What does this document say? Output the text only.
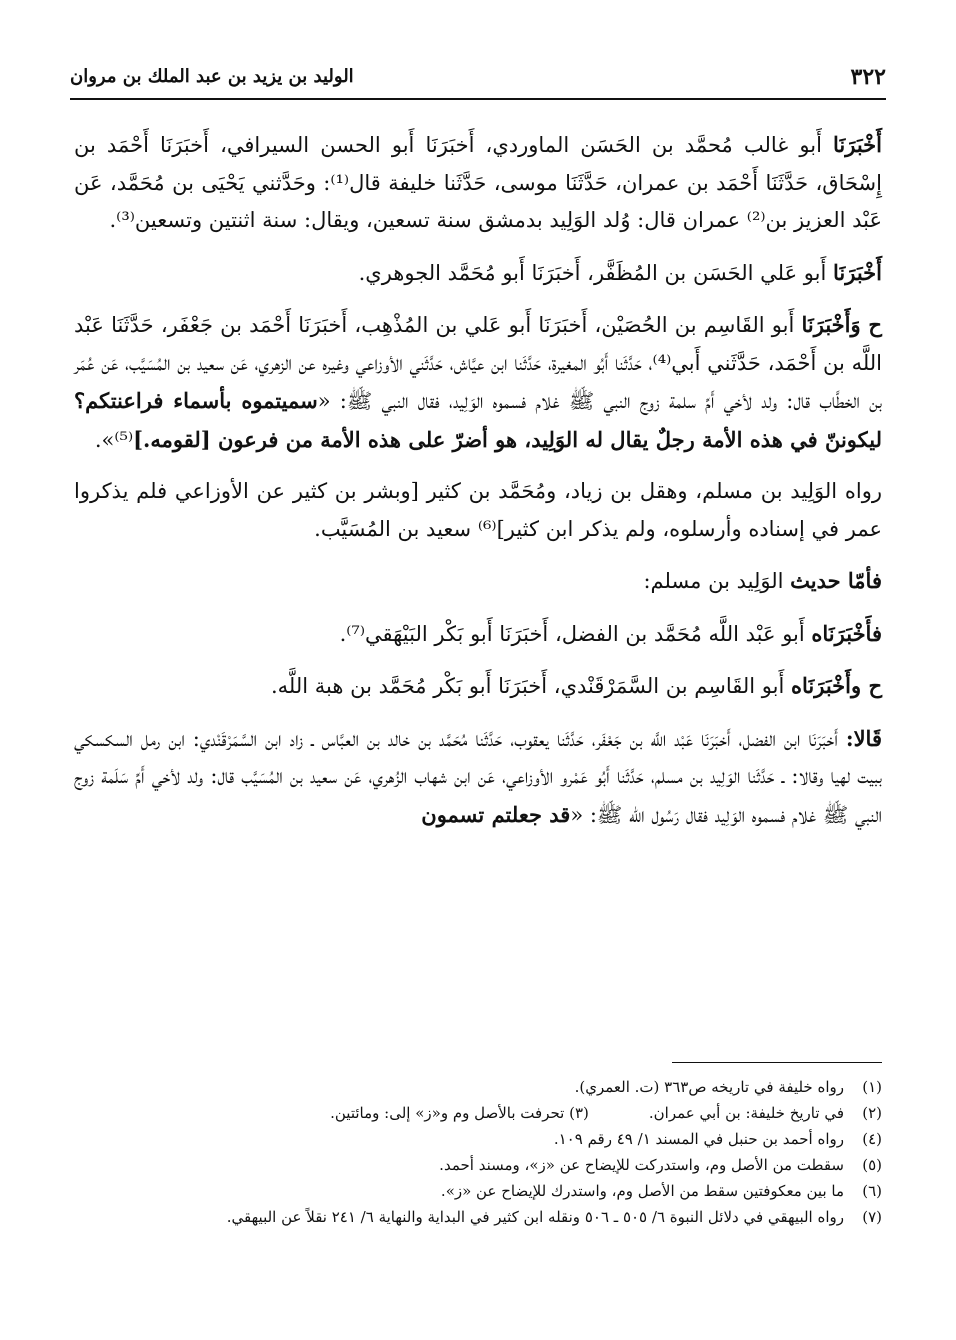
٣٢٢
الوليد بن يزيد بن عبد الملك بن مروان

أَخْبَرَنَا أَبو غالب مُحمَّد بن الحَسَن الماوردي، أَخبَرَنَا أَبو الحسن السيرافي، أَخبَرَنَا أَحْمَد بن إِسْحَاق، حَدَّثَنَا أَحْمَد بن عمران، حَدَّثَنَا موسى، حَدَّثَنا خليفة قال⁽¹⁾: وحَدَّثني يَحْيَى بن مُحَمَّد، عَن عَبْد العزيز بن⁽²⁾ عمران قال: وُلد الوَلِيد بدمشق سنة تسعين، ويقال: سنة اثنتين وتسعين⁽³⁾.

أَخْبَرَنَا أَبو عَلي الحَسَن بن المُظَفَّر، أَخبَرَنَا أَبو مُحَمَّد الجوهري.

ح وَأَخْبَرَنَا أَبو القَاسِم بن الحُصَيْن، أَخبَرَنَا أَبو عَلي بن المُذْهِب، أَخبَرَنَا أَحْمَد بن جَعْفَر، حَدَّثَنَا عَبْد اللَّه بن أَحْمَد، حَدَّثَني أَبي⁽⁴⁾، حَدَّثَنا أَبُو المغيرة، حَدَّثَنا ابن عيَّاش، حَدَّثَني الأوزاعي وغيره عن الزهري، عَن سعيد بن المُسَيَّب، عَن عُمَر بن الخطَّاب قال: ولد لأخي أَمِّ سلمة زوج النبي ﷺ غلام فسموه الوَلِيد، فقال النبي ﷺ: «سميتموه بأسماء فراعنتكم؟ ليكوننّ في هذه الأمة رجلٌ يقال له الوَلِيد، هو أضرّ على هذه الأمة من فرعون [لقومه.]⁽⁵⁾».

رواه الوَلِيد بن مسلم، وهقل بن زياد، ومُحَمَّد بن كثير [وبشر بن كثير عن الأوزاعي فلم يذكروا عمر في إسناده وأرسلوه، ولم يذكر ابن كثير]⁽⁶⁾ سعيد بن المُسَيَّب.

فأمّا حديث الوَلِيد بن مسلم:

فأَخْبَرَنَاه أَبو عَبْد اللَّه مُحَمَّد بن الفضل، أَخبَرَنَا أَبو بَكْر البَيْهَقي⁽⁷⁾.

ح وأَخْبَرَنَاه أَبو القَاسِم بن السَّمَرْقَنْدي، أَخبَرَنَا أَبو بَكْر مُحَمَّد بن هبة اللَّه.

قَالا: أَخبَرَنَا ابن الفضل، أَخبَرَنَا عَبْد اللَّه بن جَعْفَر، حَدَّثَنا يعقوب، حَدَّثَنا مُحَمَّد بن خالد بن العبَّاس ـ زاد ابن السَّمَرْقَنْدي: ابن رمل السكسكي ببيت لهيا وقالا: ـ حَدَّثَنا الوَلِيد بن مسلم، حَدَّثَنا أَبُو عَمْرو الأوزاعي، عَن ابن شهاب الزُهري، عَن سعيد بن المُسَيَّب قال: ولد لأخي أَمِّ سَلَمة زوج النبي ﷺ غلام فسموه الوَلِيد فقال رَسُول الله ﷺ: «قد جعلتم تسمون

(١)رواه خليفة في تاريخه ص٣٦٣ (ت. العمري).
(٢)في تاريخ خليفة: بن أبي عمران.(٣) تحرفت بالأصل وم و«ز» إلى: ومائتين.
(٤)رواه أحمد بن حنبل في المسند ١/ ٤٩ رقم ١٠٩.
(٥)سقطت من الأصل وم، واستدركت للإيضاح عن «ز»، ومسند أحمد.
(٦)ما بين معكوفتين سقط من الأصل وم، واستدرك للإيضاح عن «ز».
(٧)رواه البيهقي في دلائل النبوة ٦/ ٥٠٥ ـ ٥٠٦ ونقله ابن كثير في البداية والنهاية ٦/ ٢٤١ نقلاً عن البيهقي.
